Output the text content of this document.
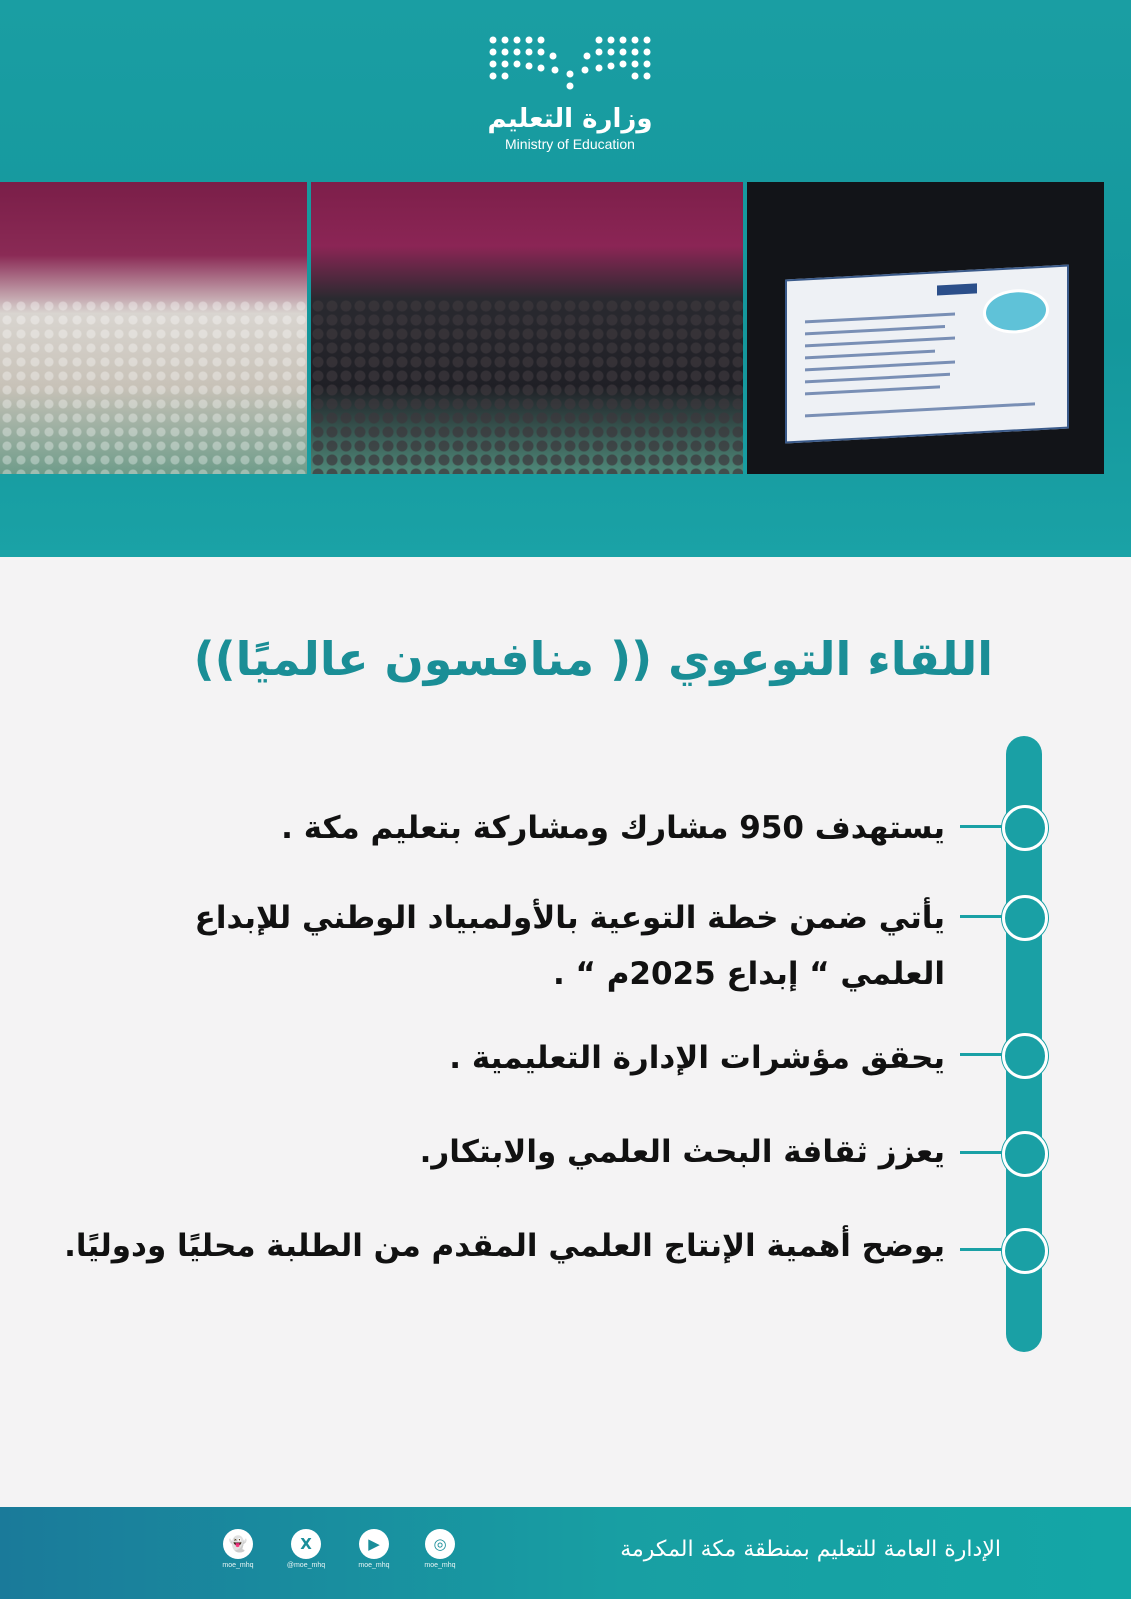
وزارة التعليم
Ministry of Education
اللقاء التوعوي (( منافسون عالميًا))
يستهدف 950 مشارك ومشاركة بتعليم مكة .
يأتي ضمن خطة التوعية بالأولمبياد الوطني للإبداع
العلمي “ إبداع 2025م “ .
يحقق مؤشرات الإدارة التعليمية .
يعزز ثقافة البحث العلمي والابتكار.
يوضح أهمية الإنتاج العلمي المقدم من الطلبة محليًا ودوليًا.
الإدارة العامة للتعليم بمنطقة مكة المكرمة
👻
moe_mhq
X
@moe_mhq
▶
moe_mhq
◎
moe_mhq
